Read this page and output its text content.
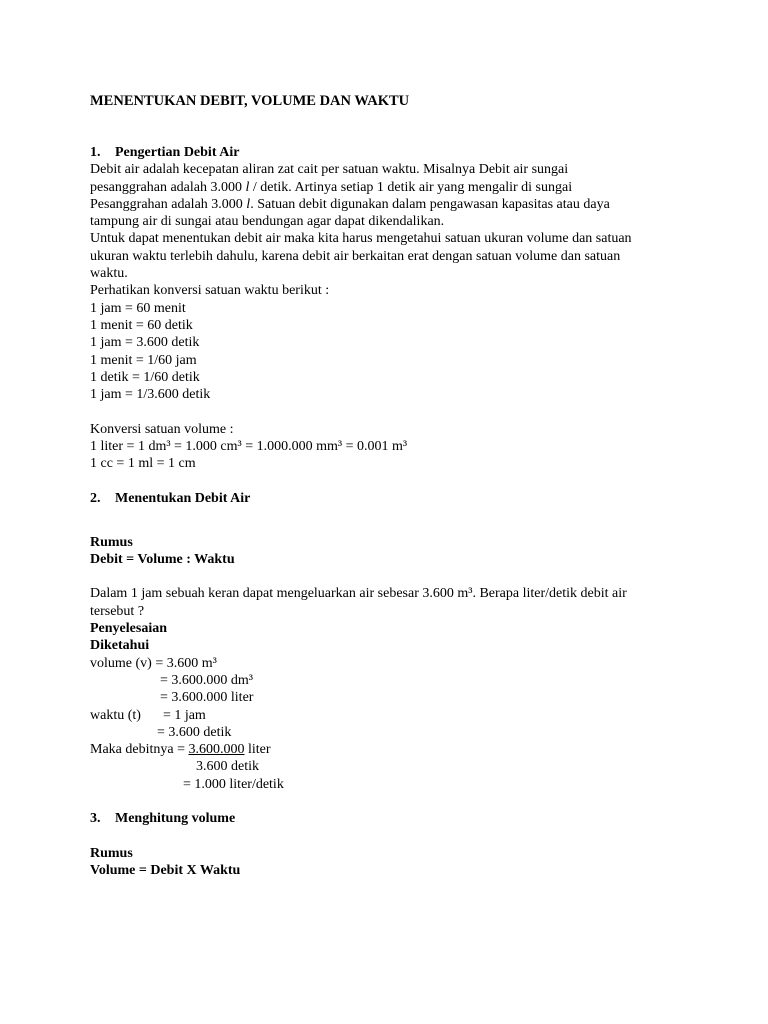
MENENTUKAN DEBIT, VOLUME DAN WAKTU
1. Pengertian Debit Air
Debit air adalah kecepatan aliran zat cait per satuan waktu. Misalnya Debit air sungai
pesanggrahan adalah 3.000 l / detik. Artinya setiap 1 detik air yang mengalir di sungai
Pesanggrahan adalah 3.000 l. Satuan debit digunakan dalam pengawasan kapasitas atau daya
tampung air di sungai atau bendungan agar dapat dikendalikan.
Untuk dapat menentukan debit air maka kita harus mengetahui satuan ukuran volume dan satuan
ukuran waktu terlebih dahulu, karena debit air berkaitan erat dengan satuan volume dan satuan
waktu.
Perhatikan konversi satuan waktu berikut :
1 jam = 60 menit
1 menit = 60 detik
1 jam = 3.600 detik
1 menit = 1/60 jam
1 detik = 1/60 detik
1 jam = 1/3.600 detik
Konversi satuan volume :
1 liter = 1 dm³ = 1.000 cm³ = 1.000.000 mm³ = 0.001 m³
1 cc = 1 ml = 1 cm
2. Menentukan Debit Air
Rumus
Debit = Volume : Waktu
Dalam 1 jam sebuah keran dapat mengeluarkan air sebesar 3.600 m³. Berapa liter/detik debit air
tersebut ?
Penyelesaian
Diketahui
volume (v) = 3.600 m³
= 3.600.000 dm³
= 3.600.000 liter
waktu (t) = 1 jam
= 3.600 detik
Maka debitnya = 3.600.000 liter
3.600 detik
= 1.000 liter/detik
3. Menghitung volume
Rumus
Volume = Debit X Waktu
